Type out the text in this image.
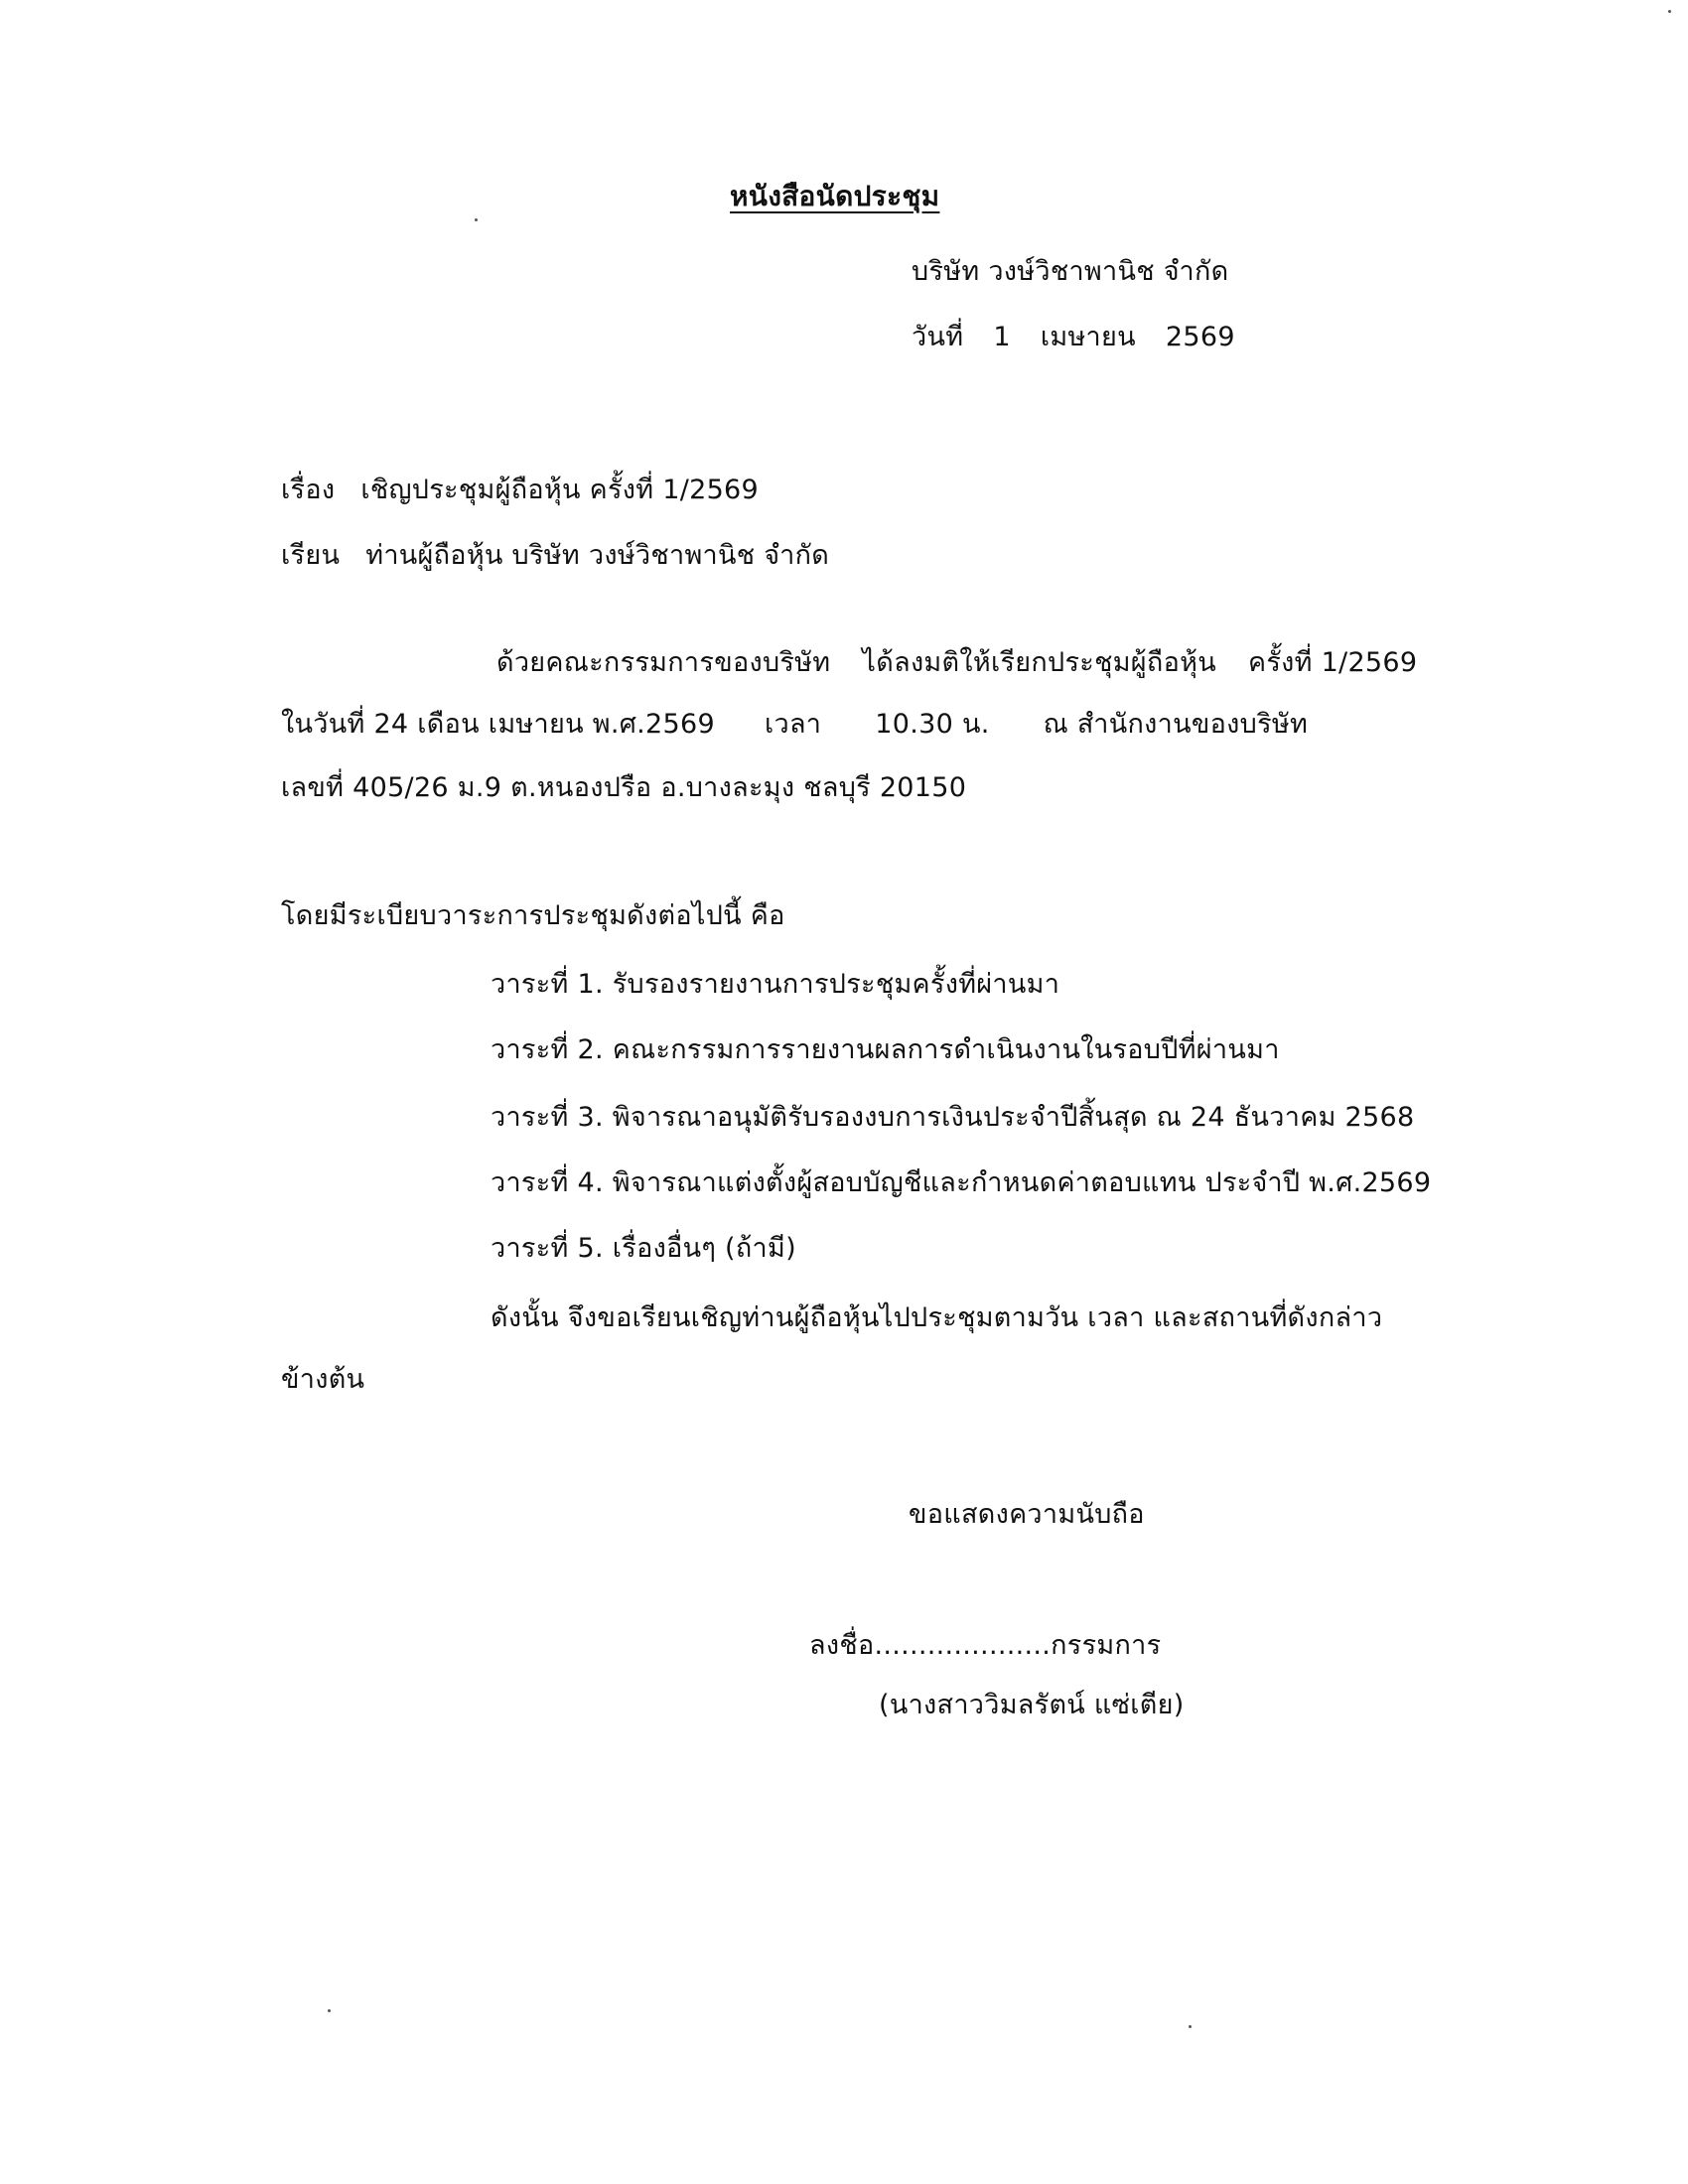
หนังสือนัดประชุม
บริษัท วงษ์วิชาพานิช จำกัด
วันที่ 1 เมษายน 2569
เรื่อง เชิญประชุมผู้ถือหุ้น ครั้งที่ 1/2569
เรียน ท่านผู้ถือหุ้น บริษัท วงษ์วิชาพานิช จำกัด
ด้วยคณะกรรมการของบริษัท ได้ลงมติให้เรียกประชุมผู้ถือหุ้น ครั้งที่ 1/2569
ในวันที่ 24 เดือน เมษายน พ.ศ.2569 เวลา 10.30 น. ณ สำนักงานของบริษัท
เลขที่ 405/26 ม.9 ต.หนองปรือ อ.บางละมุง ชลบุรี 20150
โดยมีระเบียบวาระการประชุมดังต่อไปนี้ คือ
วาระที่ 1. รับรองรายงานการประชุมครั้งที่ผ่านมา
วาระที่ 2. คณะกรรมการรายงานผลการดำเนินงานในรอบปีที่ผ่านมา
วาระที่ 3. พิจารณาอนุมัติรับรองงบการเงินประจำปีสิ้นสุด ณ 24 ธันวาคม 2568
วาระที่ 4. พิจารณาแต่งตั้งผู้สอบบัญชีและกำหนดค่าตอบแทน ประจำปี พ.ศ.2569
วาระที่ 5. เรื่องอื่นๆ (ถ้ามี)
ดังนั้น จึงขอเรียนเชิญท่านผู้ถือหุ้นไปประชุมตามวัน เวลา และสถานที่ดังกล่าว
ข้างต้น
ขอแสดงความนับถือ
ลงชื่อ....................กรรมการ
(นางสาววิมลรัตน์ แซ่เตีย)
